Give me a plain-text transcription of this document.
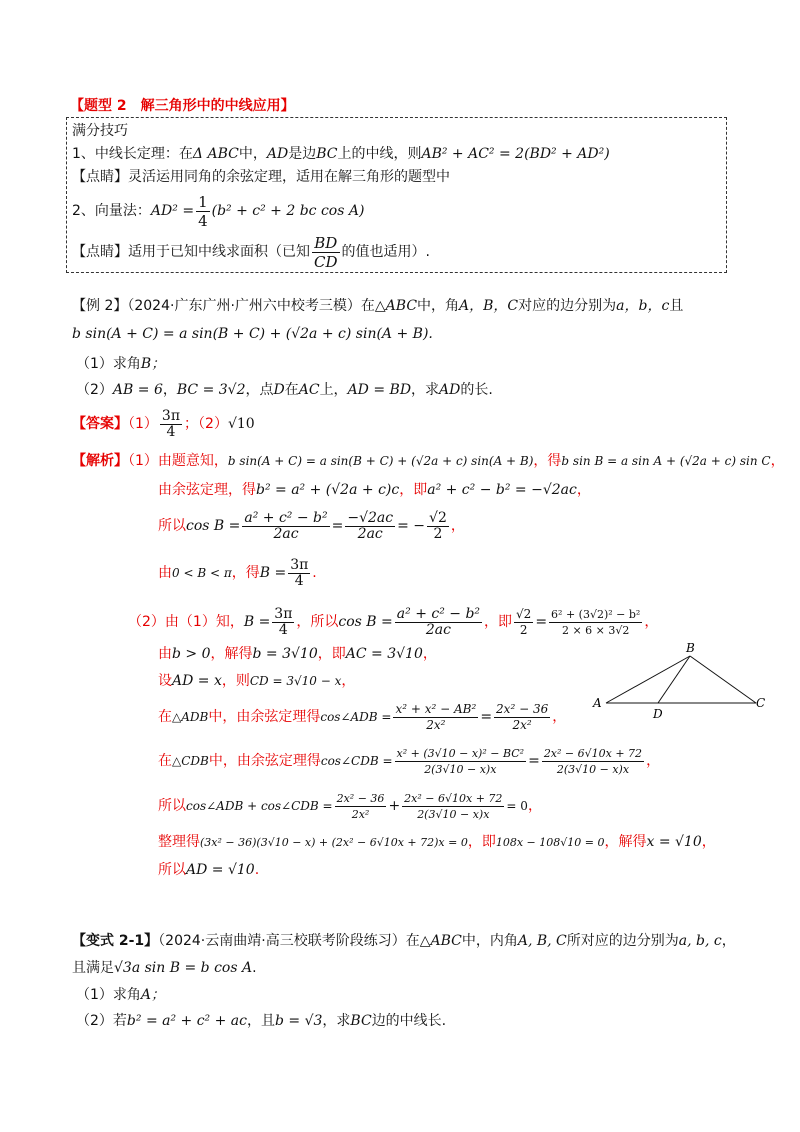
【题型 2　解三角形中的中线应用】
满分技巧
1、中线长定理：在Δ ABC中，AD是边BC上的中线，则AB² + AC² = 2(BD² + AD²)
【点睛】灵活运用同角的余弦定理，适用在解三角形的题型中
2、向量法：$AD^2 = \frac{1}{4} (b^2 + c^2 + 2$ bc cos A)
【点睛】适用于已知中线求面积（已知 $\frac{BD}{CD}$ 的值也适用）.
【例 2】（2024·广东广州·广州六中校考三模）在△ABC中，角A，B，C对应的边分别为a，b，c且
b sin(A + C) = a sin(B + C) + (√2a + c) sin(A + B).
（1）求角B；
（2）AB = 6，BC = 3√2，点D在AC上，AD = BD，求AD的长.
【答案】$(1) \frac{3\pi}{4}$ ；（2）√10
【解析】（1）由题意知，b sin(A + C) = a sin(B + C) + (√2a + c) sin(A + B)，得b sin B = a sin A + (√2a + c) sin C，
由余弦定理，得b² = a² + (√2a + c)c，即a² + c² − b² = −√2ac，
所以$\cos B = \frac{\text{a² + c² − b²}}{2ac} = \frac{-√2ac}{2ac}$ = − $\frac{√2}{2}$ ，
由0 < B < π，得$B = \frac{3\pi}{4}$ .
（2）由（1）知，$B = \frac{3\pi}{4}$ ，所以$\cos B = \frac{\text{a² + c² − b²}}{2ac}$ ，即 $\frac{√2}{2} = \frac{\text{6² + (3√2)² − b²}}{2 \times 6 \times 3√2}$ ，
由b > 0，解得b = 3√10，即AC = 3√10，
设AD = x，则CD = 3√10 − x，
在△ADB中，由余弦定理得cos∠ADB = $\frac{\text{x² + x² − AB²}}{\text{2x²}} = \frac{\text{2x² − 36}}{\text{2x²}}$ ，
在△CDB中，由余弦定理得cos∠CDB = $\frac{\text{x² + (3√10 − x)² − BC²}}{2(3√10 - x)x} = \frac{\text{2x² − 6√10x + 72}}{2(3√10 - x)x}$ ，
所以cos∠ADB + cos∠CDB = $\frac{\text{2x² − 36}}{\text{2x²}} + \frac{\text{2x² − 6√10x + 72}}{2(3√10 - x)x} = 0$，
整理得(3x² − 36)(3√10 − x) + (2x² − 6√10x + 72)x = 0，即108x − 108√10 = 0，解得x = √10，
所以AD = √10.
A
B
C
D
【变式 2-1】（2024·云南曲靖·高三校联考阶段练习）在△ABC中，内角A, B, C所对应的边分别为a, b, c，
且满足√3a sin B = b cos A.
（1）求角A；
（2）若b² = a² + c² + ac，且b = √3，求BC边的中线长.
